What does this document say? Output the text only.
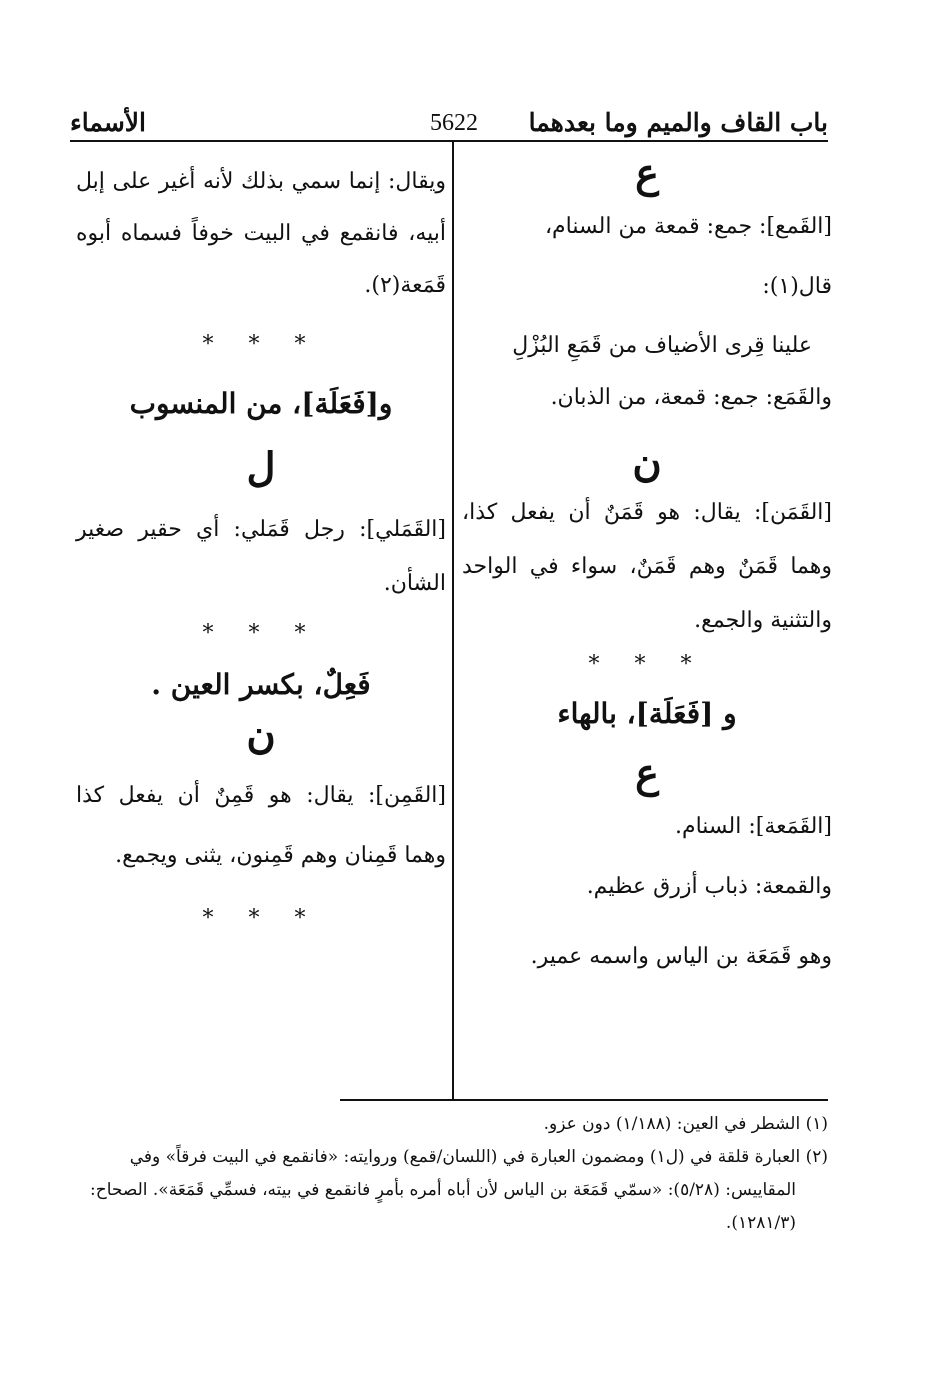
باب القاف والميم وما بعدهما
5622
الأسماء

ع

[القَمع]: جمع: قمعة من السنام،

قال(١):

علينا قِرى الأضياف من قَمَعِ البُزْلِ

والقَمَع: جمع: قمعة، من الذبان.

ن

[القَمَن]: يقال: هو قَمَنٌ أن يفعل كذا، وهما قَمَنٌ وهم قَمَنٌ، سواء في الواحد والتثنية والجمع.

* * *

و [فَعَلَة]، بالهاء

ع

[القَمَعة]: السنام.

والقمعة: ذباب أزرق عظيم.

وهو قَمَعَة بن الياس واسمه عمير.

ويقال: إنما سمي بذلك لأنه أغير على إبل أبيه، فانقمع في البيت خوفاً فسماه أبوه قَمَعة(٢).

* * *

و[فَعَلَة]، من المنسوب

ل

[القَمَلي]: رجل قَمَلي: أي حقير صغير الشأن.

* * *

فَعِلٌ، بكسر العين .

ن

[القَمِن]: يقال: هو قَمِنٌ أن يفعل كذا وهما قَمِنان وهم قَمِنون، يثنى ويجمع.

* * *

(١) الشطر في العين: (١/١٨٨) دون عزو.

(٢) العبارة قلقة في (ل١) ومضمون العبارة في (اللسان/قمع) وروايته: «فانقمع في البيت فرقاً» وفي

المقاييس: (٥/٢٨): «سمّي قَمَعَة بن الياس لأن أباه أمره بأمرٍ فانقمع في بيته، فسمِّي قَمَعَة». الصحاح:

(١٢٨١/٣).
